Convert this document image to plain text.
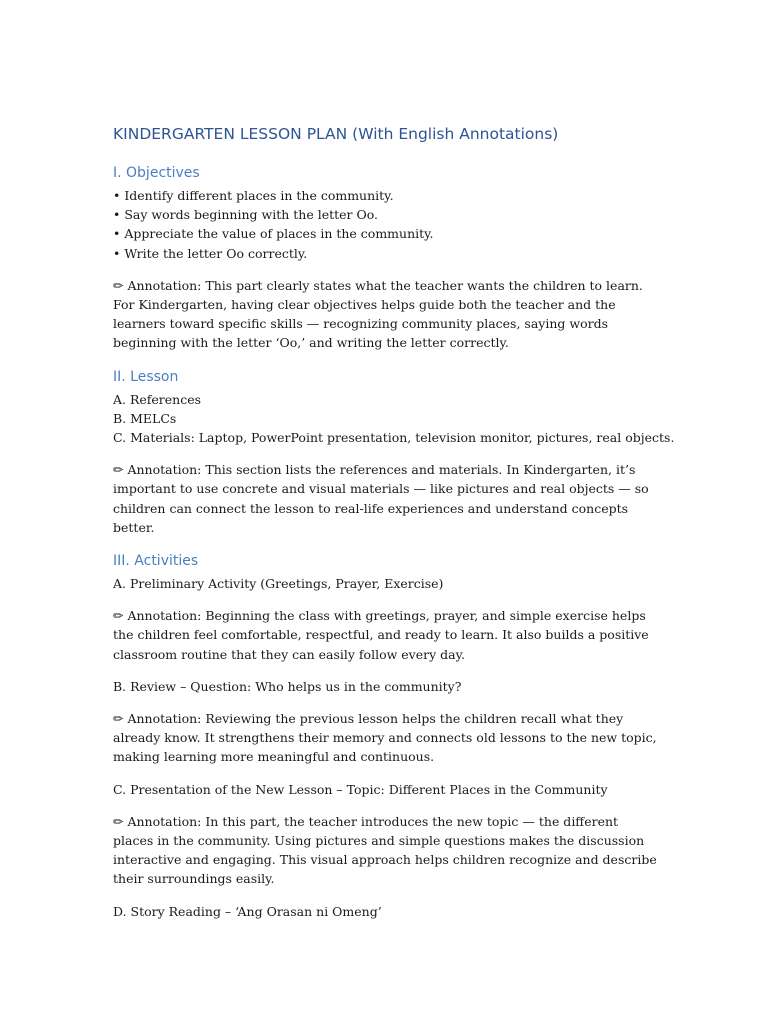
KINDERGARTEN LESSON PLAN (With English Annotations)
I. Objectives

• Identify different places in the community.

• Say words beginning with the letter Oo.

• Appreciate the value of places in the community.

• Write the letter Oo correctly.

✏ Annotation: This part clearly states what the teacher wants the children to learn. For Kindergarten, having clear objectives helps guide both the teacher and the learners toward specific skills — recognizing community places, saying words beginning with the letter ‘Oo,’ and writing the letter correctly.

II. Lesson

A. References

B. MELCs

C. Materials: Laptop, PowerPoint presentation, television monitor, pictures, real objects.

✏ Annotation: This section lists the references and materials. In Kindergarten, it’s important to use concrete and visual materials — like pictures and real objects — so children can connect the lesson to real-life experiences and understand concepts better.

III. Activities

A. Preliminary Activity (Greetings, Prayer, Exercise)

✏ Annotation: Beginning the class with greetings, prayer, and simple exercise helps the children feel comfortable, respectful, and ready to learn. It also builds a positive classroom routine that they can easily follow every day.

B. Review – Question: Who helps us in the community?

✏ Annotation: Reviewing the previous lesson helps the children recall what they already know. It strengthens their memory and connects old lessons to the new topic, making learning more meaningful and continuous.

C. Presentation of the New Lesson – Topic: Different Places in the Community

✏ Annotation: In this part, the teacher introduces the new topic — the different places in the community. Using pictures and simple questions makes the discussion interactive and engaging. This visual approach helps children recognize and describe their surroundings easily.

D. Story Reading – ‘Ang Orasan ni Omeng’
